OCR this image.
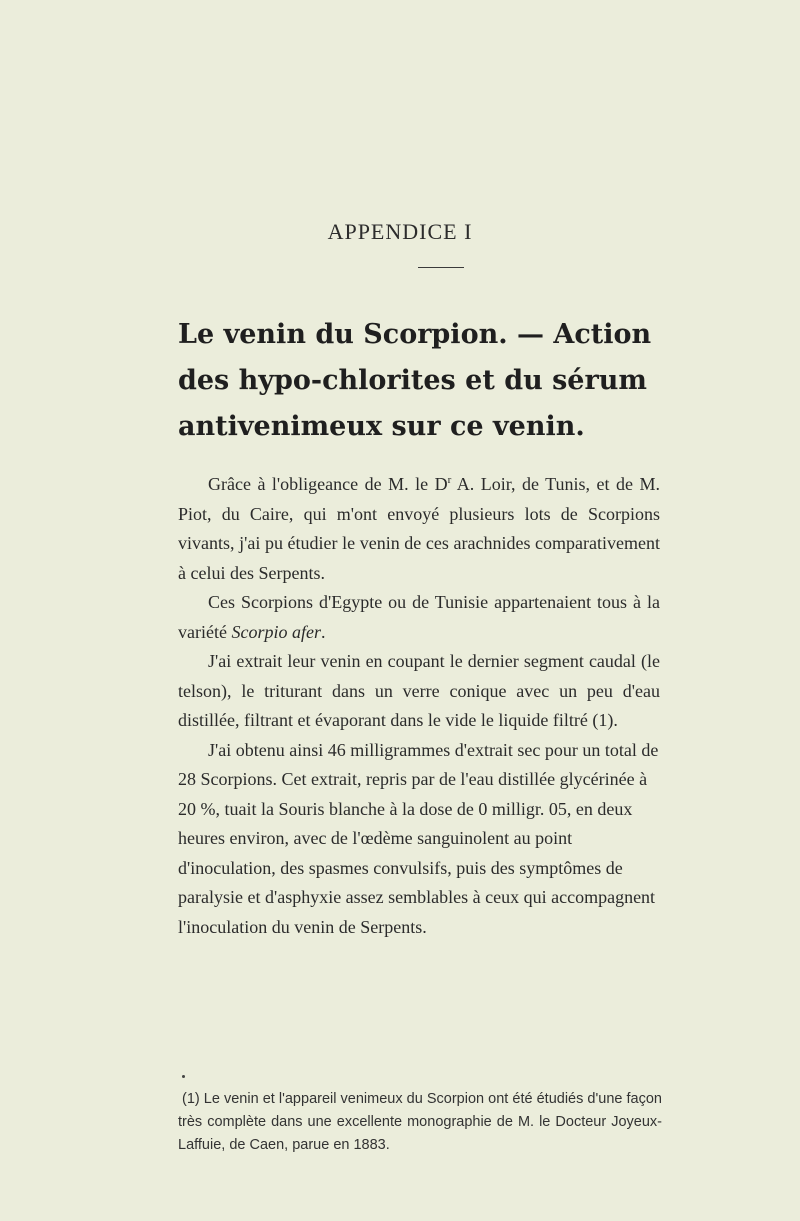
APPENDICE I
Le venin du Scorpion. — Action des hypo-chlorites et du sérum antivenimeux sur ce venin.

Grâce à l'obligeance de M. le $D^r$ A. Loir, de Tunis, et de M. Piot, du Caire, qui m'ont envoyé plusieurs lots de Scorpions vivants, j'ai pu étudier le venin de ces arachnides comparativement à celui des Serpents.

Ces Scorpions d'Egypte ou de Tunisie appartenaient tous à la variété Scorpio afer.

J'ai extrait leur venin en coupant le dernier segment caudal (le telson), le triturant dans un verre conique avec un peu d'eau distillée, filtrant et évaporant dans le vide le liquide filtré (1).

J'ai obtenu ainsi 46 milligrammes d'extrait sec pour un total de 28 Scorpions. Cet extrait, repris par de l'eau distillée glycérinée à 20 %, tuait la Souris blanche à la dose de 0 milligr. 05, en deux heures environ, avec de l'œdème sanguinolent au point d'inoculation, des spasmes convulsifs, puis des symptômes de paralysie et d'asphyxie assez semblables à ceux qui accompagnent l'inoculation du venin de Serpents.

(1) Le venin et l'appareil venimeux du Scorpion ont été étudiés d'une façon très complète dans une excellente monographie de M. le Docteur Joyeux-Laffuie, de Caen, parue en 1883.
